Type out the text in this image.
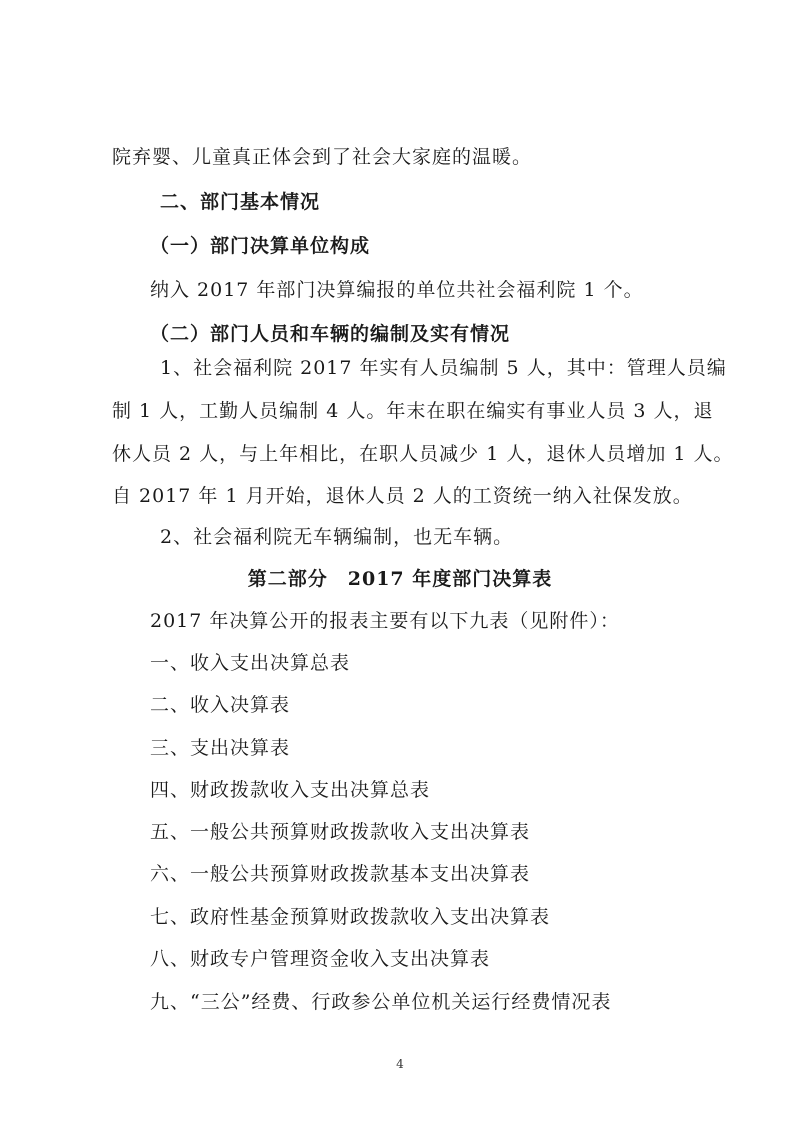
院弃婴、儿童真正体会到了社会大家庭的温暖。
二、部门基本情况
（一）部门决算单位构成
纳入 2017 年部门决算编报的单位共社会福利院 1 个。
（二）部门人员和车辆的编制及实有情况
1、社会福利院 2017 年实有人员编制 5 人，其中：管理人员编
制 1 人，工勤人员编制 4 人。年末在职在编实有事业人员 3 人，退
休人员 2 人，与上年相比，在职人员减少 1 人，退休人员增加 1 人。
自 2017 年 1 月开始，退休人员 2 人的工资统一纳入社保发放。
2、社会福利院无车辆编制，也无车辆。
第二部分　2017 年度部门决算表
2017 年决算公开的报表主要有以下九表（见附件）：
一、收入支出决算总表
二、收入决算表
三、支出决算表
四、财政拨款收入支出决算总表
五、一般公共预算财政拨款收入支出决算表
六、一般公共预算财政拨款基本支出决算表
七、政府性基金预算财政拨款收入支出决算表
八、财政专户管理资金收入支出决算表
九、“三公”经费、行政参公单位机关运行经费情况表
4
